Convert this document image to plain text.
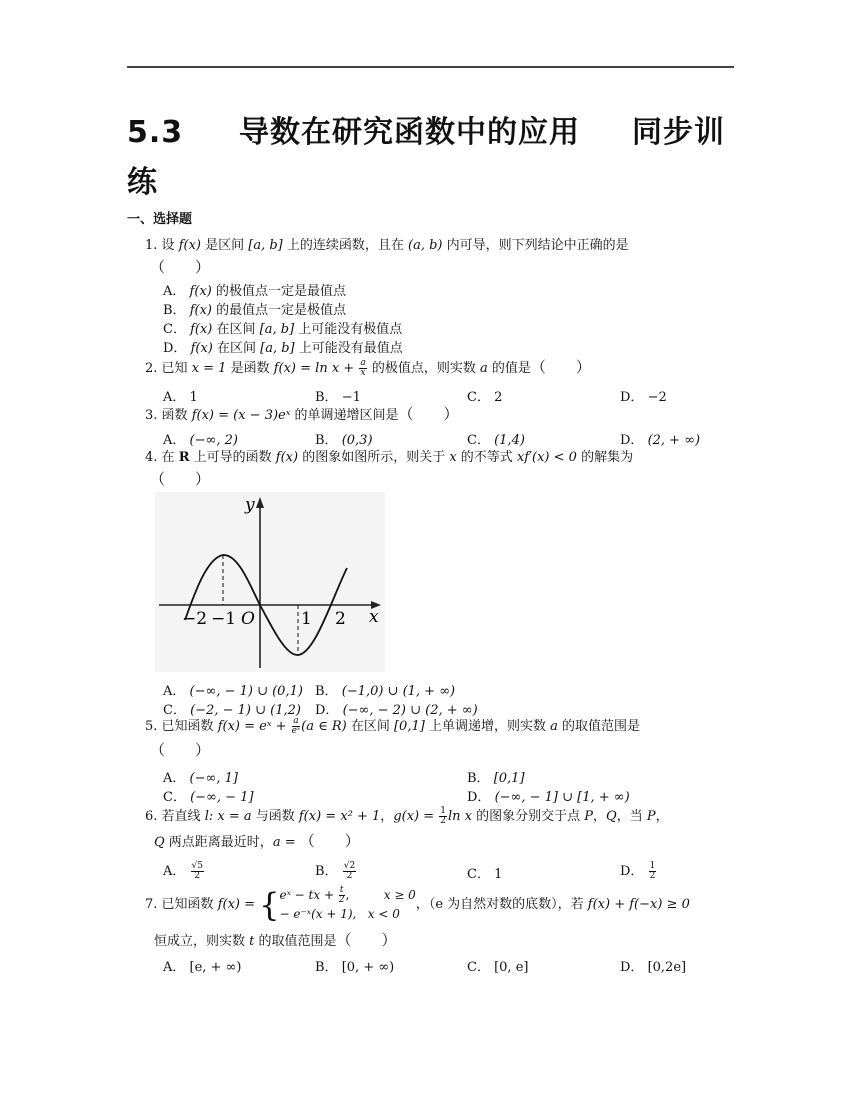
5.3 导数在研究函数中的应用 同步训
练
一、选择题
1. 设 f(x) 是区间 [a, b] 上的连续函数，且在 (a, b) 内可导，则下列结论中正确的是
（　　）
A． f(x) 的极值点一定是最值点
B． f(x) 的最值点一定是极值点
C． f(x) 在区间 [a, b] 上可能没有极值点
D． f(x) 在区间 [a, b] 上可能没有最值点
2. 已知 x = 1 是函数 $f(x) = \ln x + \frac{a}{x}$ 的极值点，则实数 a 的值是（　　）
A． 1	B． −1	C． 2	D． −2
3. 函数 f(x) = (x − 3)eˣ 的单调递增区间是（　　）
A． (−∞, 2)	B． (0,3)	C． (1,4)	D． (2, + ∞)
4. 在 R 上可导的函数 f(x) 的图象如图所示，则关于 x 的不等式 xf′(x) < 0 的解集为
（　　）
y
x
O
−2 −1	1 2
A． (−∞, − 1) ∪ (0,1) B． (−1,0) ∪ (1, + ∞)
C． (−2, − 1) ∪ (1,2) D． (−∞, − 2) ∪ (2, + ∞)
5. 已知函数 f(x) = eˣ + $\frac{a}{\text{eˣ}} (a$ ∈ R) 在区间 [0,1] 上单调递增，则实数 a 的取值范围是
（　　）
A． (−∞, 1]	B． [0,1]
C． (−∞, − 1]	D． (−∞, − 1] ∪ [1, + ∞)
6. 若直线 l: x = a 与函数 f(x) = x² + 1，$g(x) = \frac{1}{2}$ ln x 的图象分别交于点 P，Q，当 P，
Q 两点距离最近时，a = （　　）
A． $\frac{√5}{2}$	B． $\frac{√2}{2}$	C． 1	D． $\frac{1}{2}$
7. 已知函数 f(x) = { eˣ − tx + $\frac{t}{2}$ ,	x ≥ 0
− e⁻ˣ(x + 1), x < 0
，（e 为自然对数的底数），若 f(x) + f(−x) ≥ 0
恒成立，则实数 t 的取值范围是（　　）
A． [e, + ∞)	B． [0, + ∞)	C． [0, e]	D． [0,2e]
